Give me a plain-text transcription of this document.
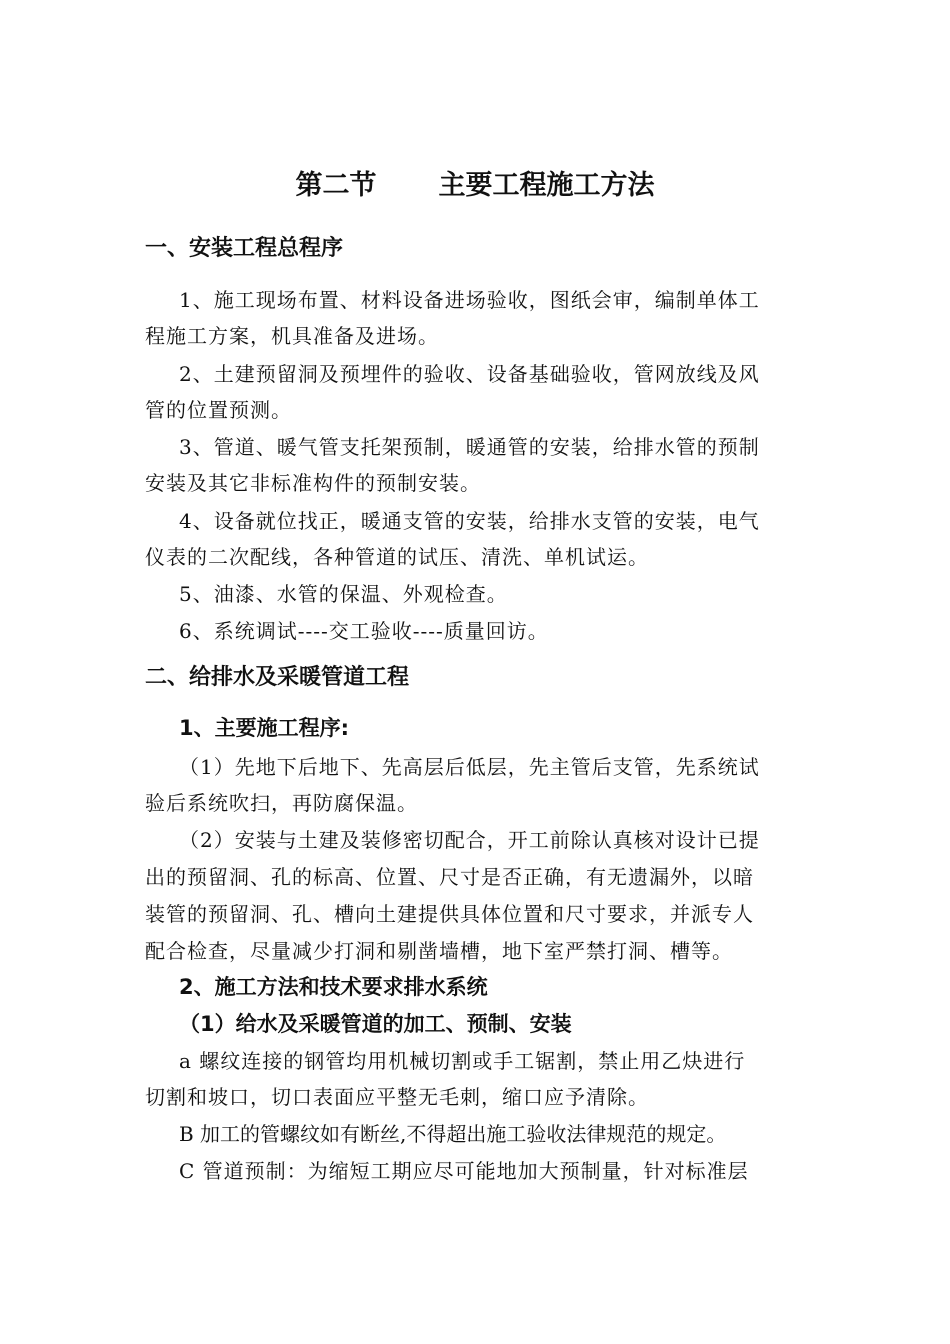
第二节 主要工程施工方法
一、安装工程总程序
1、施工现场布置、材料设备进场验收，图纸会审，编制单体工
程施工方案，机具准备及进场。
2、土建预留洞及预埋件的验收、设备基础验收，管网放线及风
管的位置预测。
3、管道、暖气管支托架预制，暖通管的安装，给排水管的预制
安装及其它非标准构件的预制安装。
4、设备就位找正，暖通支管的安装，给排水支管的安装，电气
仪表的二次配线，各种管道的试压、清洗、单机试运。
5、油漆、水管的保温、外观检查。
6、系统调试----交工验收----质量回访。
二、给排水及采暖管道工程
1、主要施工程序:
（1）先地下后地下、先高层后低层，先主管后支管，先系统试
验后系统吹扫，再防腐保温。
（2）安装与土建及装修密切配合，开工前除认真核对设计已提
出的预留洞、孔的标高、位置、尺寸是否正确，有无遗漏外，以暗
装管的预留洞、孔、槽向土建提供具体位置和尺寸要求，并派专人
配合检查，尽量减少打洞和剔凿墙槽，地下室严禁打洞、槽等。
2、施工方法和技术要求排水系统
（1）给水及采暖管道的加工、预制、安装
a 螺纹连接的钢管均用机械切割或手工锯割，禁止用乙炔进行
切割和坡口，切口表面应平整无毛刺，缩口应予清除。
B 加工的管螺纹如有断丝,不得超出施工验收法律规范的规定。
C 管道预制：为缩短工期应尽可能地加大预制量，针对标准层
